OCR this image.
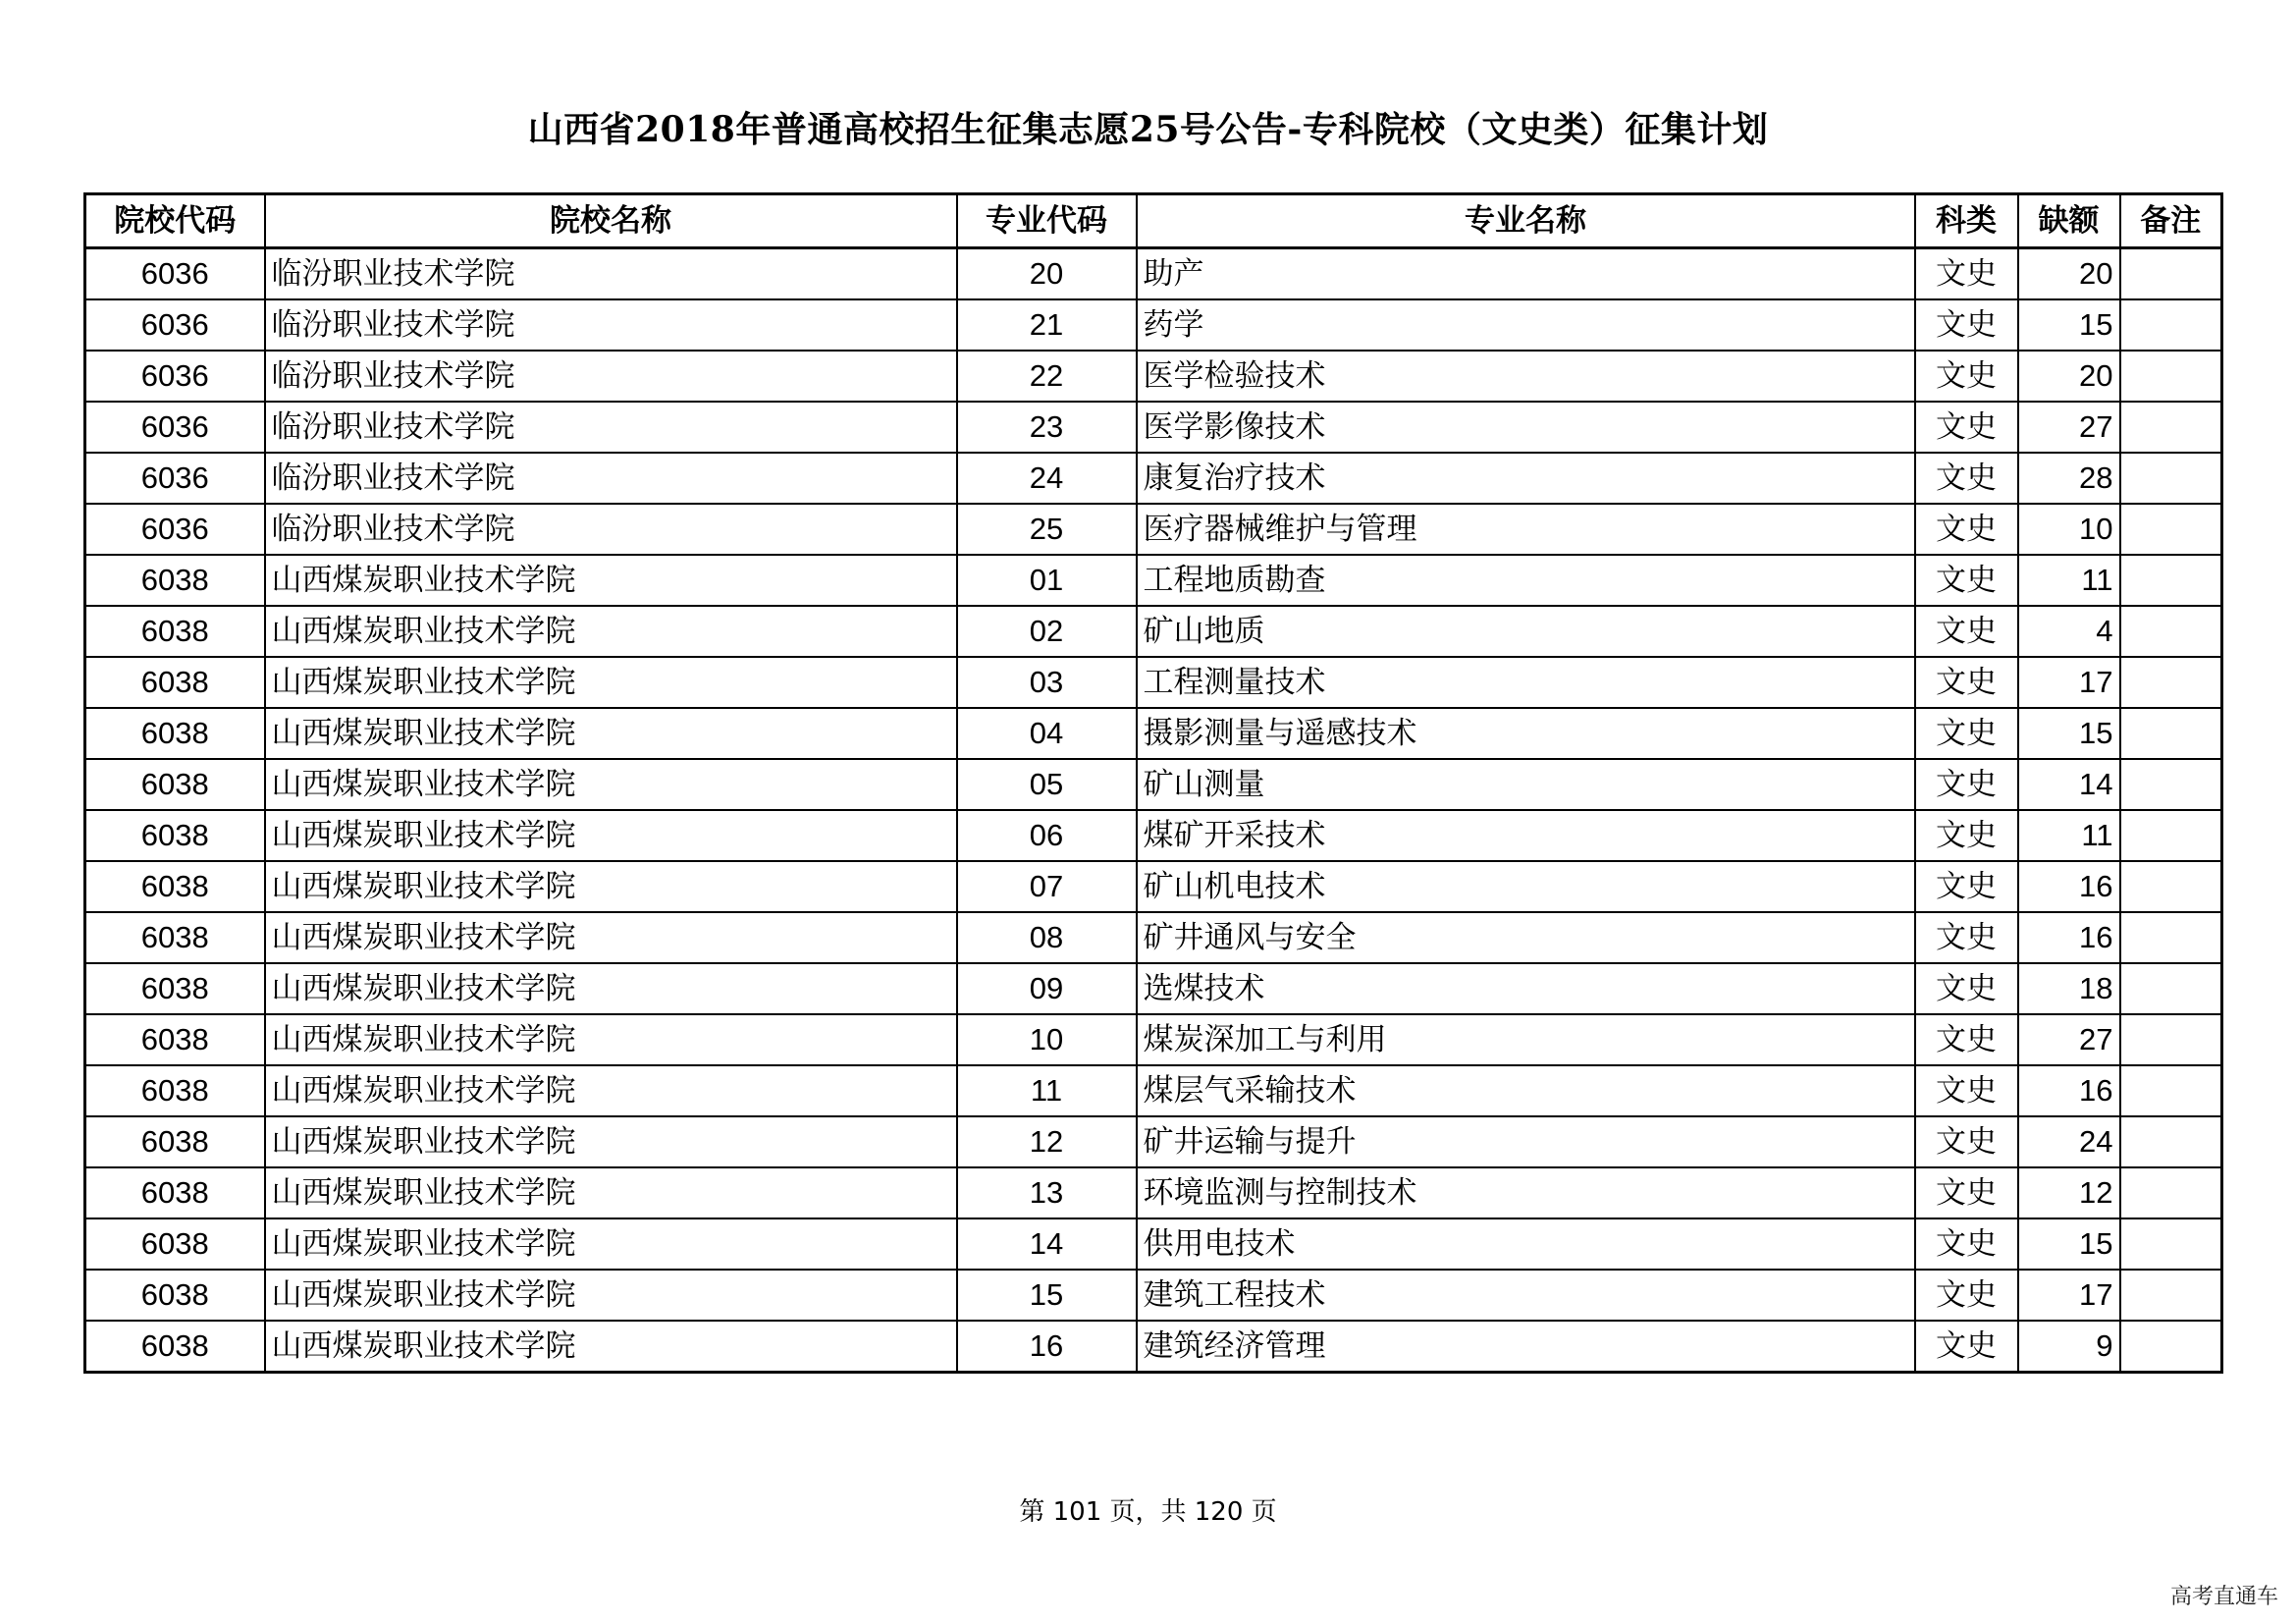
山西省2018年普通高校招生征集志愿25号公告-专科院校（文史类）征集计划
院校代码	院校名称	专业代码	专业名称	科类	缺额	备注
6036	临汾职业技术学院	20	助产	文史	20	
6036	临汾职业技术学院	21	药学	文史	15	
6036	临汾职业技术学院	22	医学检验技术	文史	20	
6036	临汾职业技术学院	23	医学影像技术	文史	27	
6036	临汾职业技术学院	24	康复治疗技术	文史	28	
6036	临汾职业技术学院	25	医疗器械维护与管理	文史	10	
6038	山西煤炭职业技术学院	01	工程地质勘查	文史	11	
6038	山西煤炭职业技术学院	02	矿山地质	文史	4	
6038	山西煤炭职业技术学院	03	工程测量技术	文史	17	
6038	山西煤炭职业技术学院	04	摄影测量与遥感技术	文史	15	
6038	山西煤炭职业技术学院	05	矿山测量	文史	14	
6038	山西煤炭职业技术学院	06	煤矿开采技术	文史	11	
6038	山西煤炭职业技术学院	07	矿山机电技术	文史	16	
6038	山西煤炭职业技术学院	08	矿井通风与安全	文史	16	
6038	山西煤炭职业技术学院	09	选煤技术	文史	18	
6038	山西煤炭职业技术学院	10	煤炭深加工与利用	文史	27	
6038	山西煤炭职业技术学院	11	煤层气采输技术	文史	16	
6038	山西煤炭职业技术学院	12	矿井运输与提升	文史	24	
6038	山西煤炭职业技术学院	13	环境监测与控制技术	文史	12	
6038	山西煤炭职业技术学院	14	供用电技术	文史	15	
6038	山西煤炭职业技术学院	15	建筑工程技术	文史	17	
6038	山西煤炭职业技术学院	16	建筑经济管理	文史	9	
第 101 页，共 120 页
高考直通车
